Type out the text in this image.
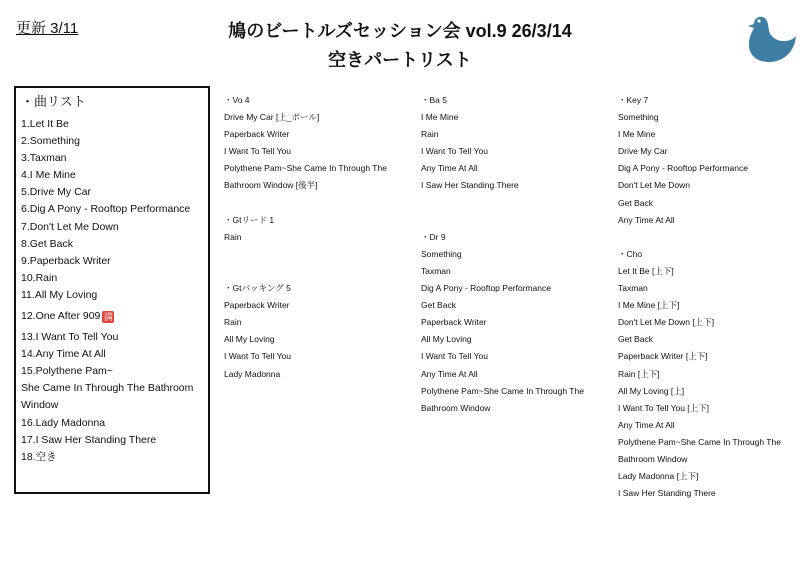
更新 3/11	鳩のビートルズセッション会 vol.9 26/3/14
空きパートリスト
・曲リスト
1.Let It Be
2.Something
3.Taxman
4.I Me Mine
5.Drive My Car
6.Dig A Pony - Rooftop Performance
7.Don't Let Me Down
8.Get Back
9.Paperback Writer
10.Rain
11.All My Loving
12.One After 909 満
13.I Want To Tell You
14.Any Time At All
15.Polythene Pam~
She Came In Through The Bathroom
Window
16.Lady Madonna
17.I Saw Her Standing There
18.空き
・Vo 4
Drive My Car [上_ポール]
Paperback Writer
I Want To Tell You
Polythene Pam~She Came In Through The
Bathroom Window [後半]
・Gtリード 1
Rain
・Gtバッキング 5
Paperback Writer
Rain
All My Loving
I Want To Tell You
Lady Madonna
・Ba 5
I Me Mine
Rain
I Want To Tell You
Any Time At All
I Saw Her Standing There
・Dr 9
Something
Taxman
Dig A Pony - Rooftop Performance
Get Back
Paperback Writer
All My Loving
I Want To Tell You
Any Time At All
Polythene Pam~She Came In Through The
Bathroom Window
・Key 7
Something
I Me Mine
Drive My Car
Dig A Pony - Rooftop Performance
Don't Let Me Down
Get Back
Any Time At All
・Cho
Let It Be [上下]
Taxman
I Me Mine [上下]
Don't Let Me Down [上下]
Get Back
Paperback Writer [上下]
Rain [上下]
All My Loving [上]
I Want To Tell You [上下]
Any Time At All
Polythene Pam~She Came In Through The
Bathroom Window
Lady Madonna [上下]
I Saw Her Standing There
